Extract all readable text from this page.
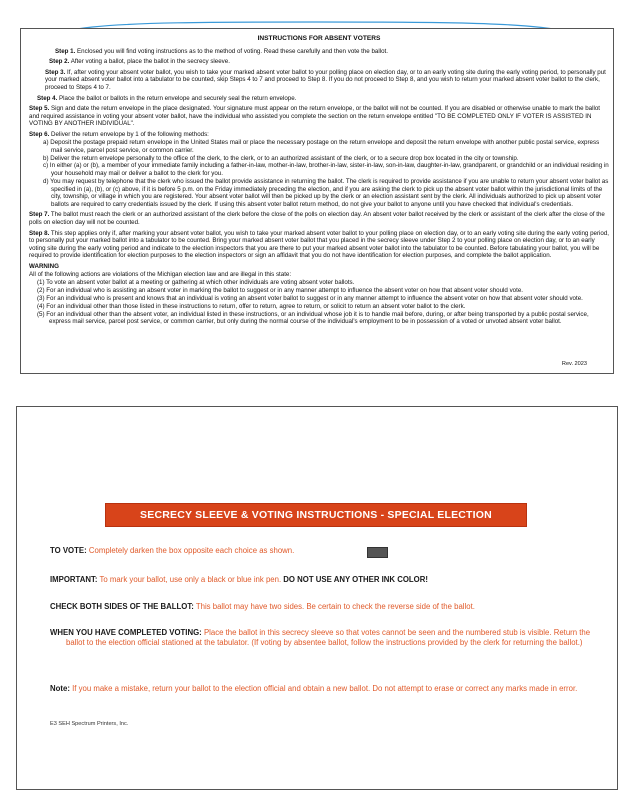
INSTRUCTIONS FOR ABSENT VOTERS

Step 1. Enclosed you will find voting instructions as to the method of voting. Read these carefully and then vote the ballot.

Step 2. After voting a ballot, place the ballot in the secrecy sleeve.

Step 3. If, after voting your absent voter ballot, you wish to take your marked absent voter ballot to your polling place on election day, or to an early voting site during the early voting period, to personally put your marked absent voter ballot into a tabulator to be counted, skip Steps 4 to 7 and proceed to Step 8. If you do not proceed to Step 8, and you wish to return your marked absent voter ballot to the clerk, proceed to Steps 4 to 7.

Step 4. Place the ballot or ballots in the return envelope and securely seal the return envelope.

Step 5. Sign and date the return envelope in the place designated. Your signature must appear on the return envelope, or the ballot will not be counted. If you are disabled or otherwise unable to mark the ballot and required assistance in voting your absent voter ballot, have the individual who assisted you complete the section on the return envelope entitled "TO BE COMPLETED ONLY IF VOTER IS ASSISTED IN VOTING BY ANOTHER INDIVIDUAL".

Step 6. Deliver the return envelope by 1 of the following methods:

a) Deposit the postage prepaid return envelope in the United States mail or place the necessary postage on the return envelope and deposit the return envelope with another public postal service, express mail service, parcel post service, or common carrier.

b) Deliver the return envelope personally to the office of the clerk, to the clerk, or to an authorized assistant of the clerk, or to a secure drop box located in the city or township.

c) In either (a) or (b), a member of your immediate family including a father-in-law, mother-in-law, brother-in-law, sister-in-law, son-in-law, daughter-in-law, grandparent, or grandchild or an individual residing in your household may mail or deliver a ballot to the clerk for you.

d) You may request by telephone that the clerk who issued the ballot provide assistance in returning the ballot. The clerk is required to provide assistance if you are unable to return your absent voter ballot as specified in (a), (b), or (c) above, if it is before 5 p.m. on the Friday immediately preceding the election, and if you are asking the clerk to pick up the absent voter ballot within the jurisdictional limits of the city, township, or village in which you are registered. Your absent voter ballot will then be picked up by the clerk or an election assistant sent by the clerk. All individuals authorized to pick up absent voter ballots are required to carry credentials issued by the clerk. If using this absent voter ballot return method, do not give your ballot to anyone until you have checked that individual's credentials.

Step 7. The ballot must reach the clerk or an authorized assistant of the clerk before the close of the polls on election day. An absent voter ballot received by the clerk or assistant of the clerk after the close of the polls on election day will not be counted.

Step 8. This step applies only if, after marking your absent voter ballot, you wish to take your marked absent voter ballot to your polling place on election day, or to an early voting site during the early voting period, to personally put your marked ballot into a tabulator to be counted. Bring your marked absent voter ballot that you placed in the secrecy sleeve under Step 2 to your polling place on election day, or to an early voting site during the early voting period and indicate to the election inspectors that you are there to put your marked absent voter ballot into the tabulator to be counted. Before tabulating your ballot, you will be required to provide identification for election purposes to the election inspectors or sign an affidavit that you do not have identification for election purposes, and complete the ballot application.

WARNING

All of the following actions are violations of the Michigan election law and are illegal in this state:

(1) To vote an absent voter ballot at a meeting or gathering at which other individuals are voting absent voter ballots.

(2) For an individual who is assisting an absent voter in marking the ballot to suggest or in any manner attempt to influence the absent voter on how that absent voter should vote.

(3) For an individual who is present and knows that an individual is voting an absent voter ballot to suggest or in any manner attempt to influence the absent voter on how that absent voter should vote.

(4) For an individual other than those listed in these instructions to return, offer to return, agree to return, or solicit to return an absent voter ballot to the clerk.

(5) For an individual other than the absent voter, an individual listed in these instructions, or an individual whose job it is to handle mail before, during, or after being transported by a public postal service, express mail service, parcel post service, or common carrier, but only during the normal course of the individual's employment to be in possession of a voted or unvoted absent voter ballot.

Rev. 2023
SECRECY SLEEVE & VOTING INSTRUCTIONS - SPECIAL ELECTION
TO VOTE: Completely darken the box opposite each choice as shown.
IMPORTANT: To mark your ballot, use only a black or blue ink pen. DO NOT USE ANY OTHER INK COLOR!
CHECK BOTH SIDES OF THE BALLOT: This ballot may have two sides. Be certain to check the reverse side of the ballot.
WHEN YOU HAVE COMPLETED VOTING: Place the ballot in this secrecy sleeve so that votes cannot be seen and the numbered stub is visible. Return the ballot to the election official stationed at the tabulator. (If voting by absentee ballot, follow the instructions provided by the clerk for returning the ballot.)
Note: If you make a mistake, return your ballot to the election official and obtain a new ballot. Do not attempt to erase or correct any marks made in error.
E3 SEH Spectrum Printers, Inc.
